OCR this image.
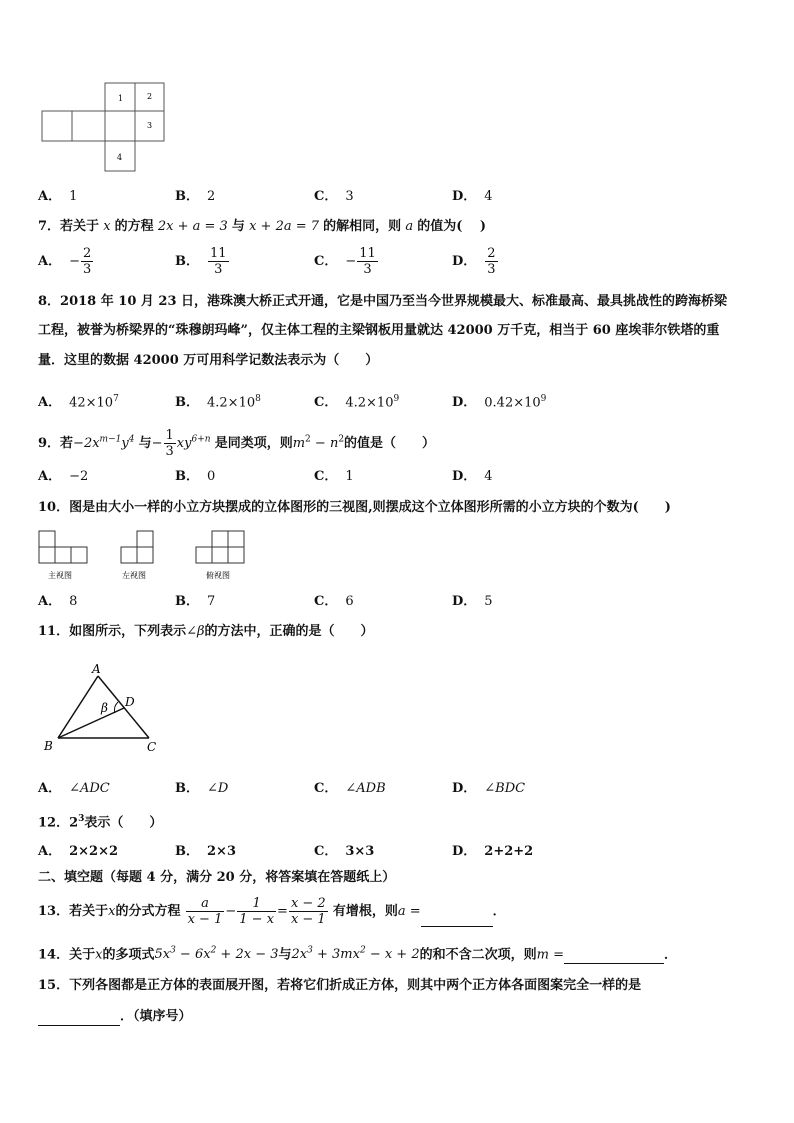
1	2
3
4
A． 1	B． 2	C． 3	D． 4
7．若关于 x 的方程 2x + a = 3 与 x + 2a = 7 的解相同，则 a 的值为(　 )
A． − $\frac{2}{3}$	B． $\frac{11}{3}$	C． − $\frac{11}{3}$	D． $\frac{2}{3}$
8．2018 年 10 月 23 日，港珠澳大桥正式开通，它是中国乃至当今世界规模最大、标准最高、最具挑战性的跨海桥梁
工程，被誉为桥梁界的“珠穆朗玛峰”，仅主体工程的主梁钢板用量就达 42000 万千克，相当于 60 座埃菲尔铁塔的重
量．这里的数据 42000 万可用科学记数法表示为（　　）
A． $42\times 10^7$	B． $4.2\times 10^8$	C． $4.2\times 10^9$	D． $0.42\times 10^9$
9．若$-2x^{m-1}y^4$ 与− $\frac{1}{3} xy^{6+n}$ 是同类项，则$m^2 - n^2$的值是（　　）
A． −2	B． 0	C． 1	D． 4
10．图是由大小一样的小立方块摆成的立体图形的三视图,则摆成这个立体图形所需的小立方块的个数为(　　)
主视图	左视图	俯视图
A． 8	B． 7	C． 6	D． 5
11．如图所示，下列表示∠β的方法中，正确的是（　　）
A
B	C
D
β
A． ∠ADC	B． ∠D	C． ∠ADB	D． ∠BDC
12．$2^3$表示（　　）
A． 2×2×2	B． 2×3	C． 3×3	D． 2+2+2
二、填空题（每题 4 分，满分 20 分，将答案填在答题纸上）
13．若关于x的分式方程 $\frac{a}{x - 1} - \frac{1}{1 - x} = \frac{x - 2}{x - 1}$ 有增根，则a =	．
14．关于x的多项式$5x^3 - 6x^2 + 2x - 3$与$2x^3 + 3mx^2 - x + 2$的和不含二次项，则m =	．
15．下列各图都是正方体的表面展开图，若将它们折成正方体，则其中两个正方体各面图案完全一样的是
．（填序号）
